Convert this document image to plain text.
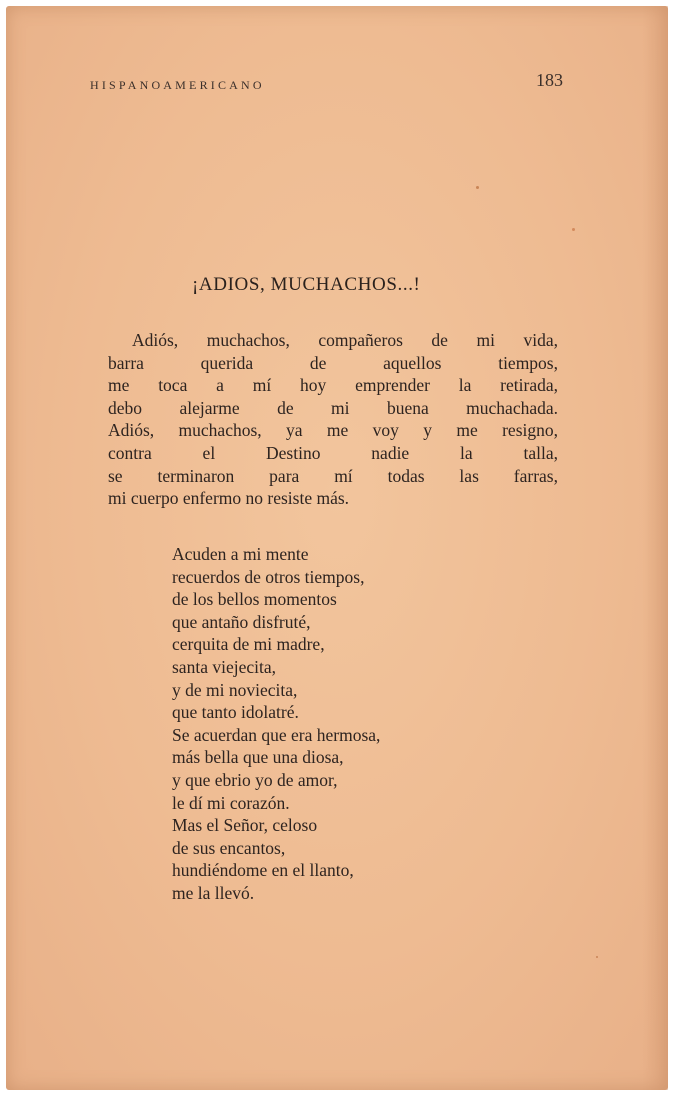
HISPANOAMERICANO	183
¡ADIOS, MUCHACHOS...!
Adiós, muchachos, compañeros de mi vida,
barra querida de aquellos tiempos,
me toca a mí hoy emprender la retirada,
debo alejarme de mi buena muchachada.
Adiós, muchachos, ya me voy y me resigno,
contra el Destino nadie la talla,
se terminaron para mí todas las farras,
mi cuerpo enfermo no resiste más.
Acuden a mi mente
recuerdos de otros tiempos,
de los bellos momentos
que antaño disfruté,
cerquita de mi madre,
santa viejecita,
y de mi noviecita,
que tanto idolatré.
Se acuerdan que era hermosa,
más bella que una diosa,
y que ebrio yo de amor,
le dí mi corazón.
Mas el Señor, celoso
de sus encantos,
hundiéndome en el llanto,
me la llevó.
